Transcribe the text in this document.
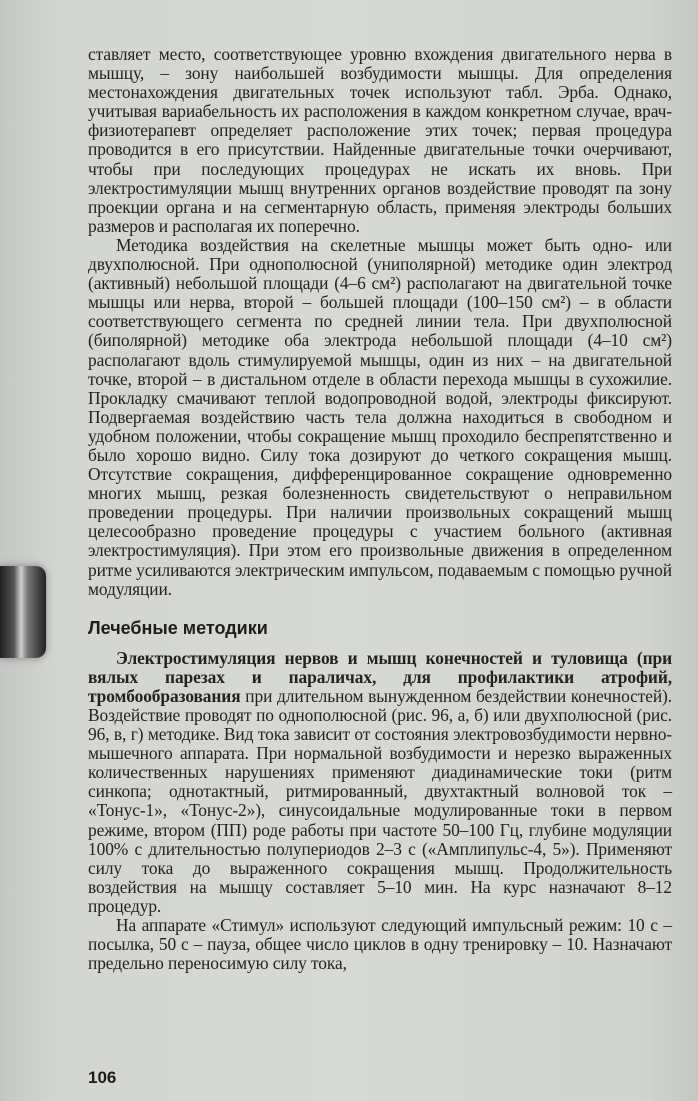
ставляет место, соответствующее уровню вхождения двигательного нерва в мышцу, – зону наибольшей возбудимости мышцы. Для определения местонахождения двигательных точек используют табл. Эрба. Однако, учитывая вариабельность их расположения в каждом конкретном случае, врач-физиотерапевт определяет расположение этих точек; первая процедура проводится в его присутствии. Найденные двигательные точки очерчивают, чтобы при последующих процедурах не искать их вновь. При электростимуляции мышц внутренних органов воздействие проводят па зону проекции органа и на сегментарную область, применяя электроды больших размеров и располагая их поперечно.

Методика воздействия на скелетные мышцы может быть однo- или двухполюсной. При однополюсной (униполярной) методике один электрод (активный) небольшой площади (4–6 см²) располагают на двигательной точке мышцы или нерва, второй – большей площади (100–150 см²) – в области соответствующего сегмента по средней линии тела. При двухполюсной (биполярной) методике оба электрода небольшой площади (4–10 см²) располагают вдоль стимулируемой мышцы, один из них – на двигательной точке, второй – в дистальном отделе в области перехода мышцы в сухожилие. Прокладку смачивают теплой водопроводной водой, электроды фиксируют. Подвергаемая воздействию часть тела должна находиться в свободном и удобном положении, чтобы сокращение мышц проходило беспрепятственно и было хорошо видно. Силу тока дозируют до четкого сокращения мышц. Отсутствие сокращения, дифференцированное сокращение одновременно многих мышц, резкая болезненность свидетельствуют о неправильном проведении процедуры. При наличии произвольных сокращений мышц целесообразно проведение процедуры с участием больного (активная электростимуляция). При этом его произвольные движения в определенном ритме усиливаются электрическим импульсом, подаваемым с помощью ручной модуляции.

Лечебные методики

Электростимуляция нервов и мышц конечностей и туловища (при вялых парезах и параличах, для профилактики атрофий, тромбообразования при длительном вынужденном бездействии конечностей). Воздействие проводят по однополюсной (рис. 96, а, б) или двухполюсной (рис. 96, в, г) методике. Вид тока зависит от состояния электровозбудимости нервно-мышечного аппарата. При нормальной возбудимости и нерезко выраженных количественных нарушениях применяют диадинамические токи (ритм синкопа; однотактный, ритмированный, двухтактный волновой ток – «Тонус-1», «Тонус-2»), синусоидальные модулированные токи в первом режиме, втором (ПП) роде работы при частоте 50–100 Гц, глубине модуляции 100% с длительностью полупериодов 2–3 с («Амплипульс-4, 5»). Применяют силу тока до выраженного сокращения мышц. Продолжительность воздействия на мышцу составляет 5–10 мин. На курс назначают 8–12 процедур.

На аппарате «Стимул» используют следующий импульсный режим: 10 с – посылка, 50 с – пауза, общее число циклов в одну тренировку – 10. Назначают предельно переносимую силу тока,

106
